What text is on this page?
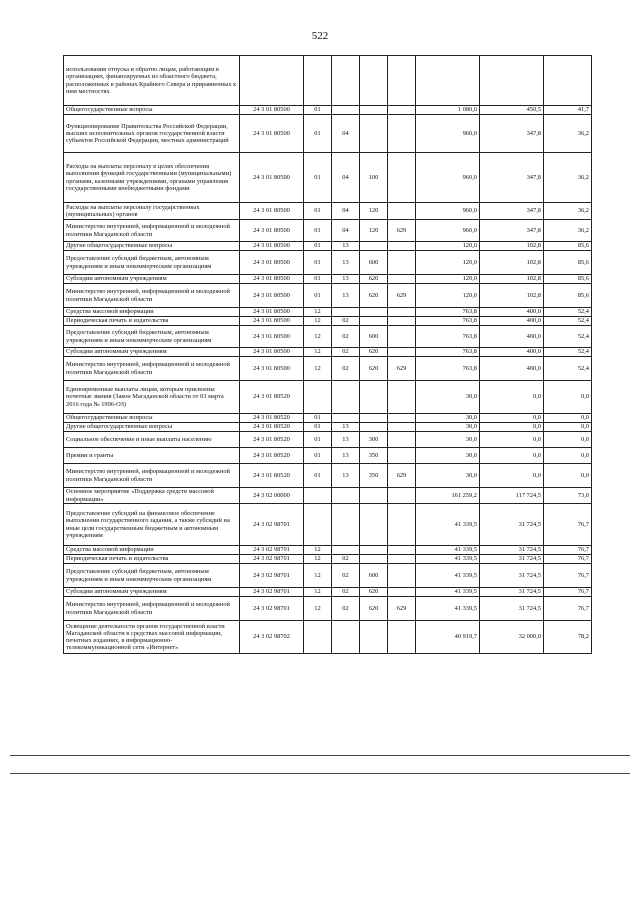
522
использования отпуска и обратно лицам, работающим в организациях, финансируемых из областного бюджета, расположенных в районах Крайнего Севера и приравненных к ним местностях								
Общегосударственные вопросы	24 3 01 80500	01				1 080,0	450,5	41,7
Функционирование Правительства Российской Федерации, высших исполнительных органов государственной власти субъектов Российской Федерации, местных администраций	24 3 01 80500	01	04			960,0	347,8	36,2
Расходы на выплаты персоналу в целях обеспечения выполнения функций государственными (муниципальными) органами, казенными учреждениями, органами управления государственными внебюджетными фондами	24 3 01 80500	01	04	100		960,0	347,8	36,2
Расходы на выплаты персоналу государственных (муниципальных) органов	24 3 01 80500	01	04	120		960,0	347,8	36,2
Министерство внутренней, информационной и молодежной политики Магаданской области	24 3 01 80500	01	04	120	629	960,0	347,8	36,2
Другие общегосударственные вопросы	24 3 01 80500	01	13			120,0	102,8	85,6
Предоставление субсидий бюджетным, автономным учреждениям и иным некоммерческим организациям	24 3 01 80500	01	13	600		120,0	102,8	85,6
Субсидии автономным учреждениям	24 3 01 80500	01	13	620		120,0	102,8	85,6
Министерство внутренней, информационной и молодежной политики Магаданской области	24 3 01 80500	01	13	620	629	120,0	102,8	85,6
Средства массовой информации	24 3 01 80500	12				763,8	400,0	52,4
Периодическая печать и издательства	24 3 01 80500	12	02			763,8	400,0	52,4
Предоставление субсидий бюджетным, автономным учреждениям и иным некоммерческим организациям	24 3 01 80500	12	02	600		763,8	400,0	52,4
Субсидии автономным учреждениям	24 3 01 80500	12	02	620		763,8	400,0	52,4
Министерство внутренней, информационной и молодежной политики Магаданской области	24 3 01 80500	12	02	620	629	763,8	400,0	52,4
Единовременные выплаты лицам, которым присвоены почетные звания (Закон Магаданской области от 03 марта 2016 года № 1996-ОЗ)	24 3 01 80520					30,0	0,0	0,0
Общегосударственные вопросы	24 3 01 80520	01				30,0	0,0	0,0
Другие общегосударственные вопросы	24 3 01 80520	01	13			30,0	0,0	0,0
Социальное обеспечение и иные выплаты населению	24 3 01 80520	01	13	300		30,0	0,0	0,0
Премии и гранты	24 3 01 80520	01	13	350		30,0	0,0	0,0
Министерство внутренней, информационной и молодежной политики Магаданской области	24 3 01 80520	01	13	350	629	30,0	0,0	0,0
Основное мероприятие «Поддержка средств массовой информации»	24 3 02 00000					161 259,2	117 724,5	73,0
Предоставление субсидий на финансовое обеспечение выполнения государственного задания, а также субсидий на иные цели государственным бюджетным и автономным учреждениям	24 3 02 98701					41 339,5	31 724,5	76,7
Средства массовой информации	24 3 02 98701	12				41 339,5	31 724,5	76,7
Периодическая печать и издательства	24 3 02 98701	12	02			41 339,5	31 724,5	76,7
Предоставление субсидий бюджетным, автономным учреждениям и иным некоммерческим организациям	24 3 02 98701	12	02	600		41 339,5	31 724,5	76,7
Субсидии автономным учреждениям	24 3 02 98701	12	02	620		41 339,5	31 724,5	76,7
Министерство внутренней, информационной и молодежной политики Магаданской области	24 3 02 98701	12	02	620	629	41 339,5	31 724,5	76,7
Освещение деятельности органов государственной власти Магаданской области в средствах массовой информации, печатных изданиях, в информационно-телекоммуникационной сети «Интернет»	24 3 02 98702					40 919,7	32 000,0	78,2
